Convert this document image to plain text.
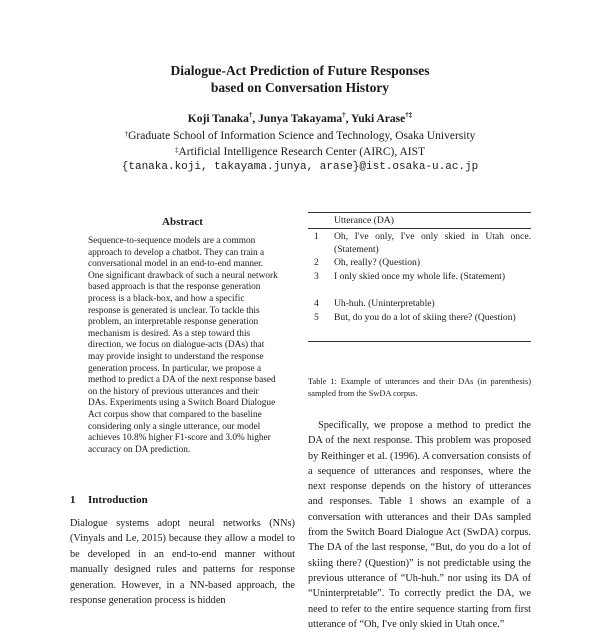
Dialogue-Act Prediction of Future Responses
based on Conversation History
Koji Tanaka†, Junya Takayama†, Yuki Arase†‡
†Graduate School of Information Science and Technology, Osaka University
‡Artificial Intelligence Research Center (AIRC), AIST
{tanaka.koji, takayama.junya, arase}@ist.osaka-u.ac.jp
Abstract

Sequence-to-sequence models are a common approach to develop a chatbot. They can train a conversational model in an end-to-end manner. One significant drawback of such a neural network based approach is that the response generation process is a black-box, and how a specific response is generated is unclear. To tackle this problem, an interpretable response generation mechanism is desired. As a step toward this direction, we focus on dialogue-acts (DAs) that may provide insight to understand the response generation process. In particular, we propose a method to predict a DA of the next response based on the history of previous utterances and their DAs. Experiments using a Switch Board Dialogue Act corpus show that compared to the baseline considering only a single utterance, our model achieves 10.8% higher F1-score and 3.0% higher accuracy on DA prediction.

1 Introduction

Dialogue systems adopt neural networks (NNs) (Vinyals and Le, 2015) because they allow a model to be developed in an end-to-end manner without manually designed rules and patterns for response generation. However, in a NN-based approach, the response generation process is hidden

Utterance (DA)
1	Oh, I've only, I've only skied in Utah once. (Statement)
2	Oh, really? (Question)
3	I only skied once my whole life. (Statement)
4	Uh-huh. (Uninterpretable)
5	But, do you do a lot of skiing there? (Question)
Table 1: Example of utterances and their DAs (in parenthesis) sampled from the SwDA corpus.

Specifically, we propose a method to predict the DA of the next response. This problem was proposed by Reithinger et al. (1996). A conversation consists of a sequence of utterances and responses, where the next response depends on the history of utterances and responses. Table 1 shows an example of a conversation with utterances and their DAs sampled from the Switch Board Dialogue Act (SwDA) corpus. The DA of the last response, “But, do you do a lot of skiing there? (Question)” is not predictable using the previous utterance of “Uh-huh.” nor using its DA of “Uninterpretable”. To correctly predict the DA, we need to refer to the entire sequence starting from first utterance of “Oh, I've only skied in Utah once.”
